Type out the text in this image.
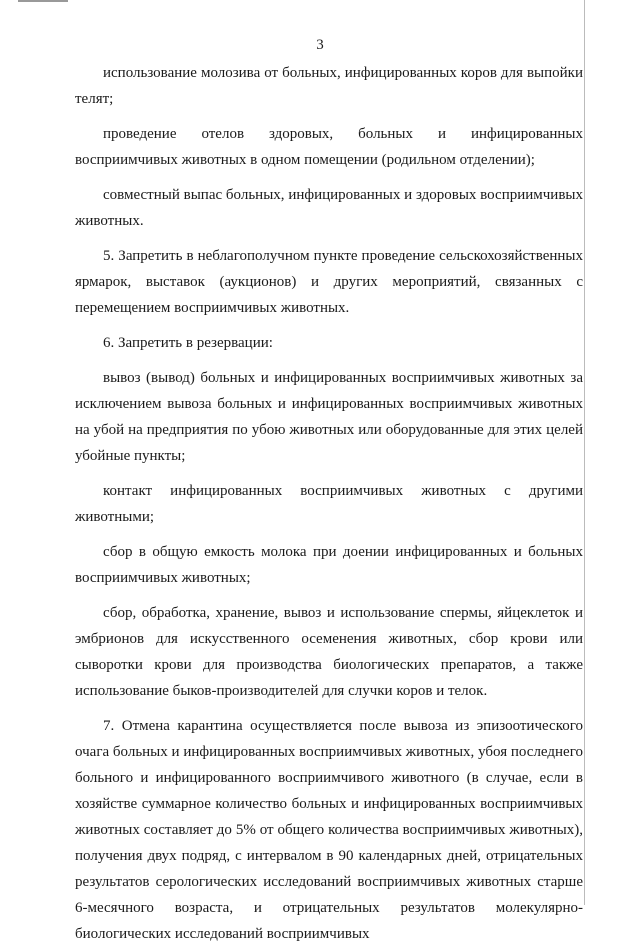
3

использование молозива от больных, инфицированных коров для выпойки телят;

проведение отелов здоровых, больных и инфицированных восприимчивых животных в одном помещении (родильном отделении);

совместный выпас больных, инфицированных и здоровых восприимчивых животных.

5. Запретить в неблагополучном пункте проведение сельскохозяйственных ярмарок, выставок (аукционов) и других мероприятий, связанных с перемещением восприимчивых животных.

6. Запретить в резервации:

вывоз (вывод) больных и инфицированных восприимчивых животных за исключением вывоза больных и инфицированных восприимчивых животных на убой на предприятия по убою животных или оборудованные для этих целей убойные пункты;

контакт инфицированных восприимчивых животных с другими животными;

сбор в общую емкость молока при доении инфицированных и больных восприимчивых животных;

сбор, обработка, хранение, вывоз и использование спермы, яйцеклеток и эмбрионов для искусственного осеменения животных, сбор крови или сыворотки крови для производства биологических препаратов, а также использование быков-производителей для случки коров и телок.

7. Отмена карантина осуществляется после вывоза из эпизоотического очага больных и инфицированных восприимчивых животных, убоя последнего больного и инфицированного восприимчивого животного (в случае, если в хозяйстве суммарное количество больных и инфицированных восприимчивых животных составляет до 5% от общего количества восприимчивых животных), получения двух подряд, с интервалом в 90 календарных дней, отрицательных результатов серологических исследований восприимчивых животных старше 6-месячного возраста, и отрицательных результатов молекулярно-биологических исследований восприимчивых
